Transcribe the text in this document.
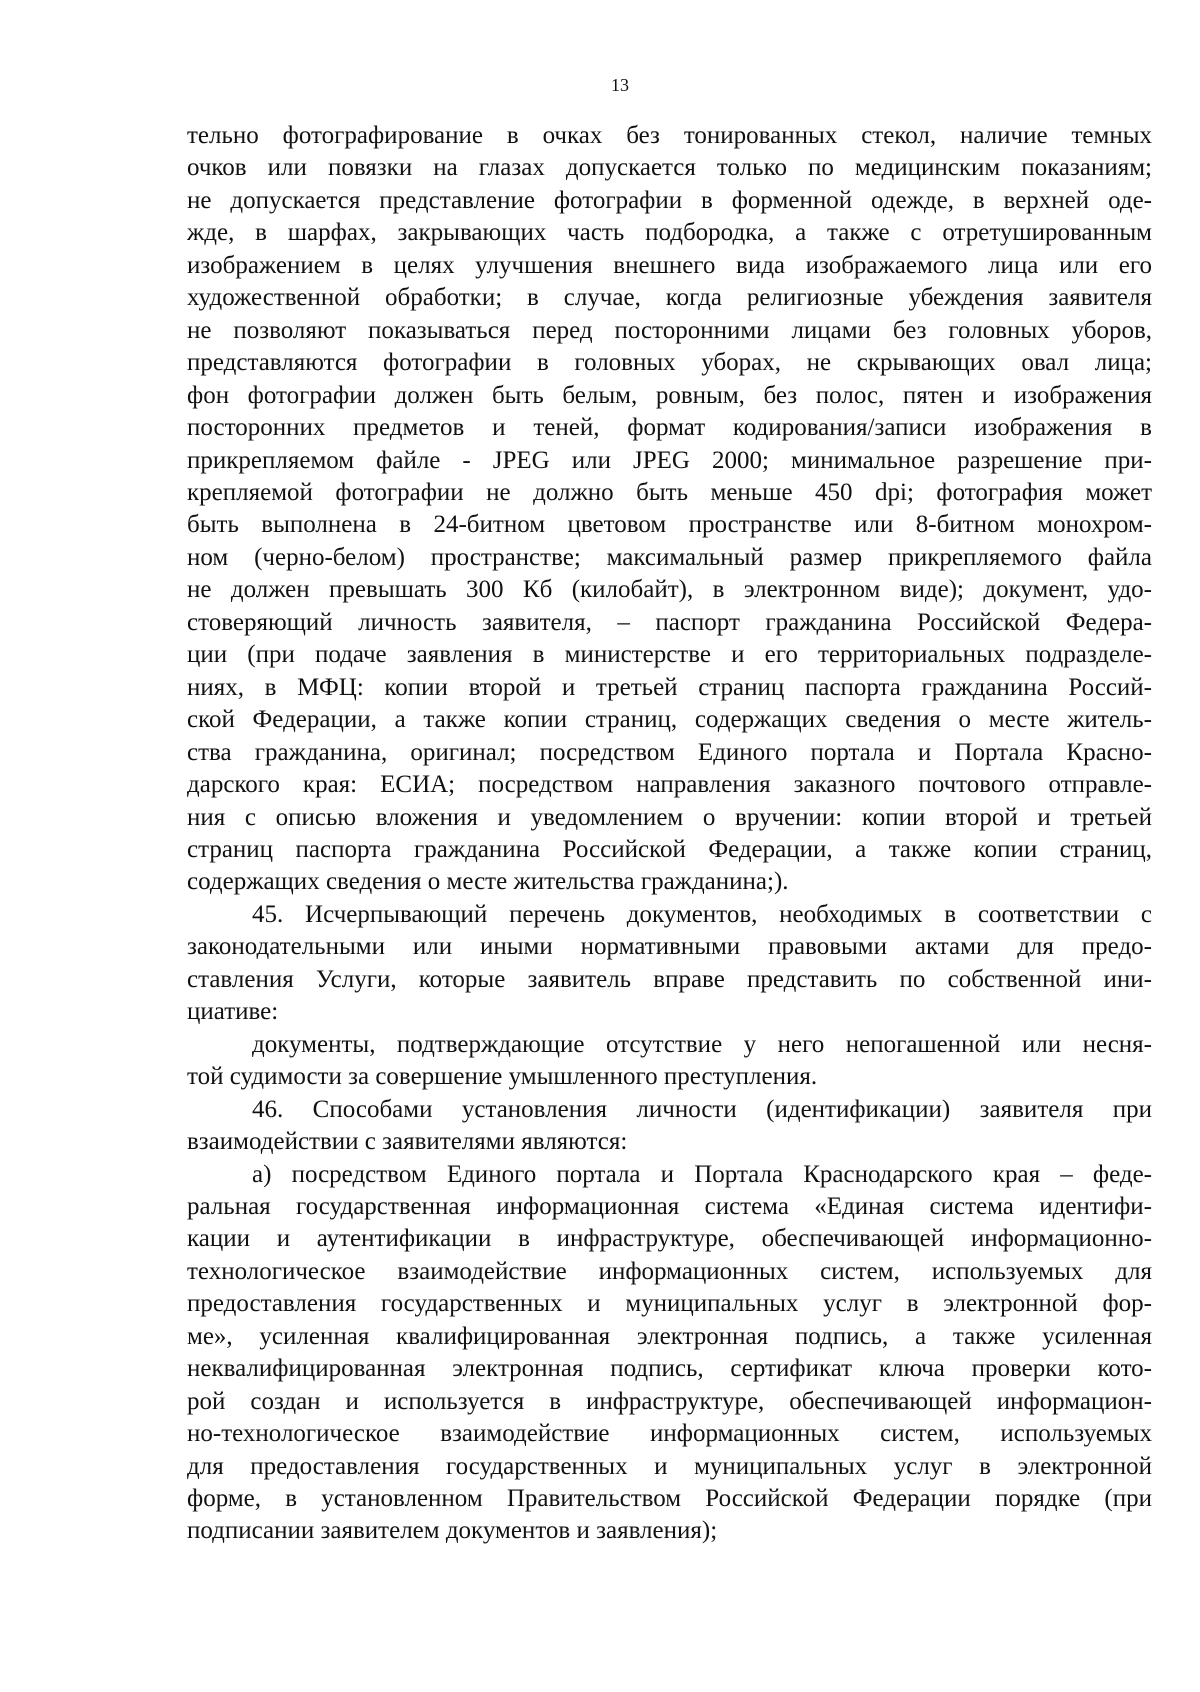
13
тельно фотографирование в очках без тонированных стекол, наличие темных
очков или повязки на глазах допускается только по медицинским показаниям;
не допускается представление фотографии в форменной одежде, в верхней оде-
жде, в шарфах, закрывающих часть подбородка, а также с отретушированным
изображением в целях улучшения внешнего вида изображаемого лица или его
художественной обработки; в случае, когда религиозные убеждения заявителя
не позволяют показываться перед посторонними лицами без головных уборов,
представляются фотографии в головных уборах, не скрывающих овал лица;
фон фотографии должен быть белым, ровным, без полос, пятен и изображения
посторонних предметов и теней, формат кодирования/записи изображения в
прикрепляемом файле - JPEG или JPEG 2000; минимальное разрешение при-
крепляемой фотографии не должно быть меньше 450 dpi; фотография может
быть выполнена в 24-битном цветовом пространстве или 8-битном монохром-
ном (черно-белом) пространстве; максимальный размер прикрепляемого файла
не должен превышать 300 Кб (килобайт), в электронном виде); документ, удо-
стоверяющий личность заявителя, – паспорт гражданина Российской Федера-
ции (при подаче заявления в министерстве и его территориальных подразделе-
ниях, в МФЦ: копии второй и третьей страниц паспорта гражданина Россий-
ской Федерации, а также копии страниц, содержащих сведения о месте житель-
ства гражданина, оригинал; посредством Единого портала и Портала Красно-
дарского края: ЕСИА; посредством направления заказного почтового отправле-
ния с описью вложения и уведомлением о вручении: копии второй и третьей
страниц паспорта гражданина Российской Федерации, а также копии страниц,
содержащих сведения о месте жительства гражданина;).
45. Исчерпывающий перечень документов, необходимых в соответствии с
законодательными или иными нормативными правовыми актами для предо-
ставления Услуги, которые заявитель вправе представить по собственной ини-
циативе:
документы, подтверждающие отсутствие у него непогашенной или несня-
той судимости за совершение умышленного преступления.
46. Способами установления личности (идентификации) заявителя при
взаимодействии с заявителями являются:
а) посредством Единого портала и Портала Краснодарского края – феде-
ральная государственная информационная система «Единая система идентифи-
кации и аутентификации в инфраструктуре, обеспечивающей информационно-
технологическое взаимодействие информационных систем, используемых для
предоставления государственных и муниципальных услуг в электронной фор-
ме», усиленная квалифицированная электронная подпись, а также усиленная
неквалифицированная электронная подпись, сертификат ключа проверки кото-
рой создан и используется в инфраструктуре, обеспечивающей информацион-
но-технологическое взаимодействие информационных систем, используемых
для предоставления государственных и муниципальных услуг в электронной
форме, в установленном Правительством Российской Федерации порядке (при
подписании заявителем документов и заявления);
